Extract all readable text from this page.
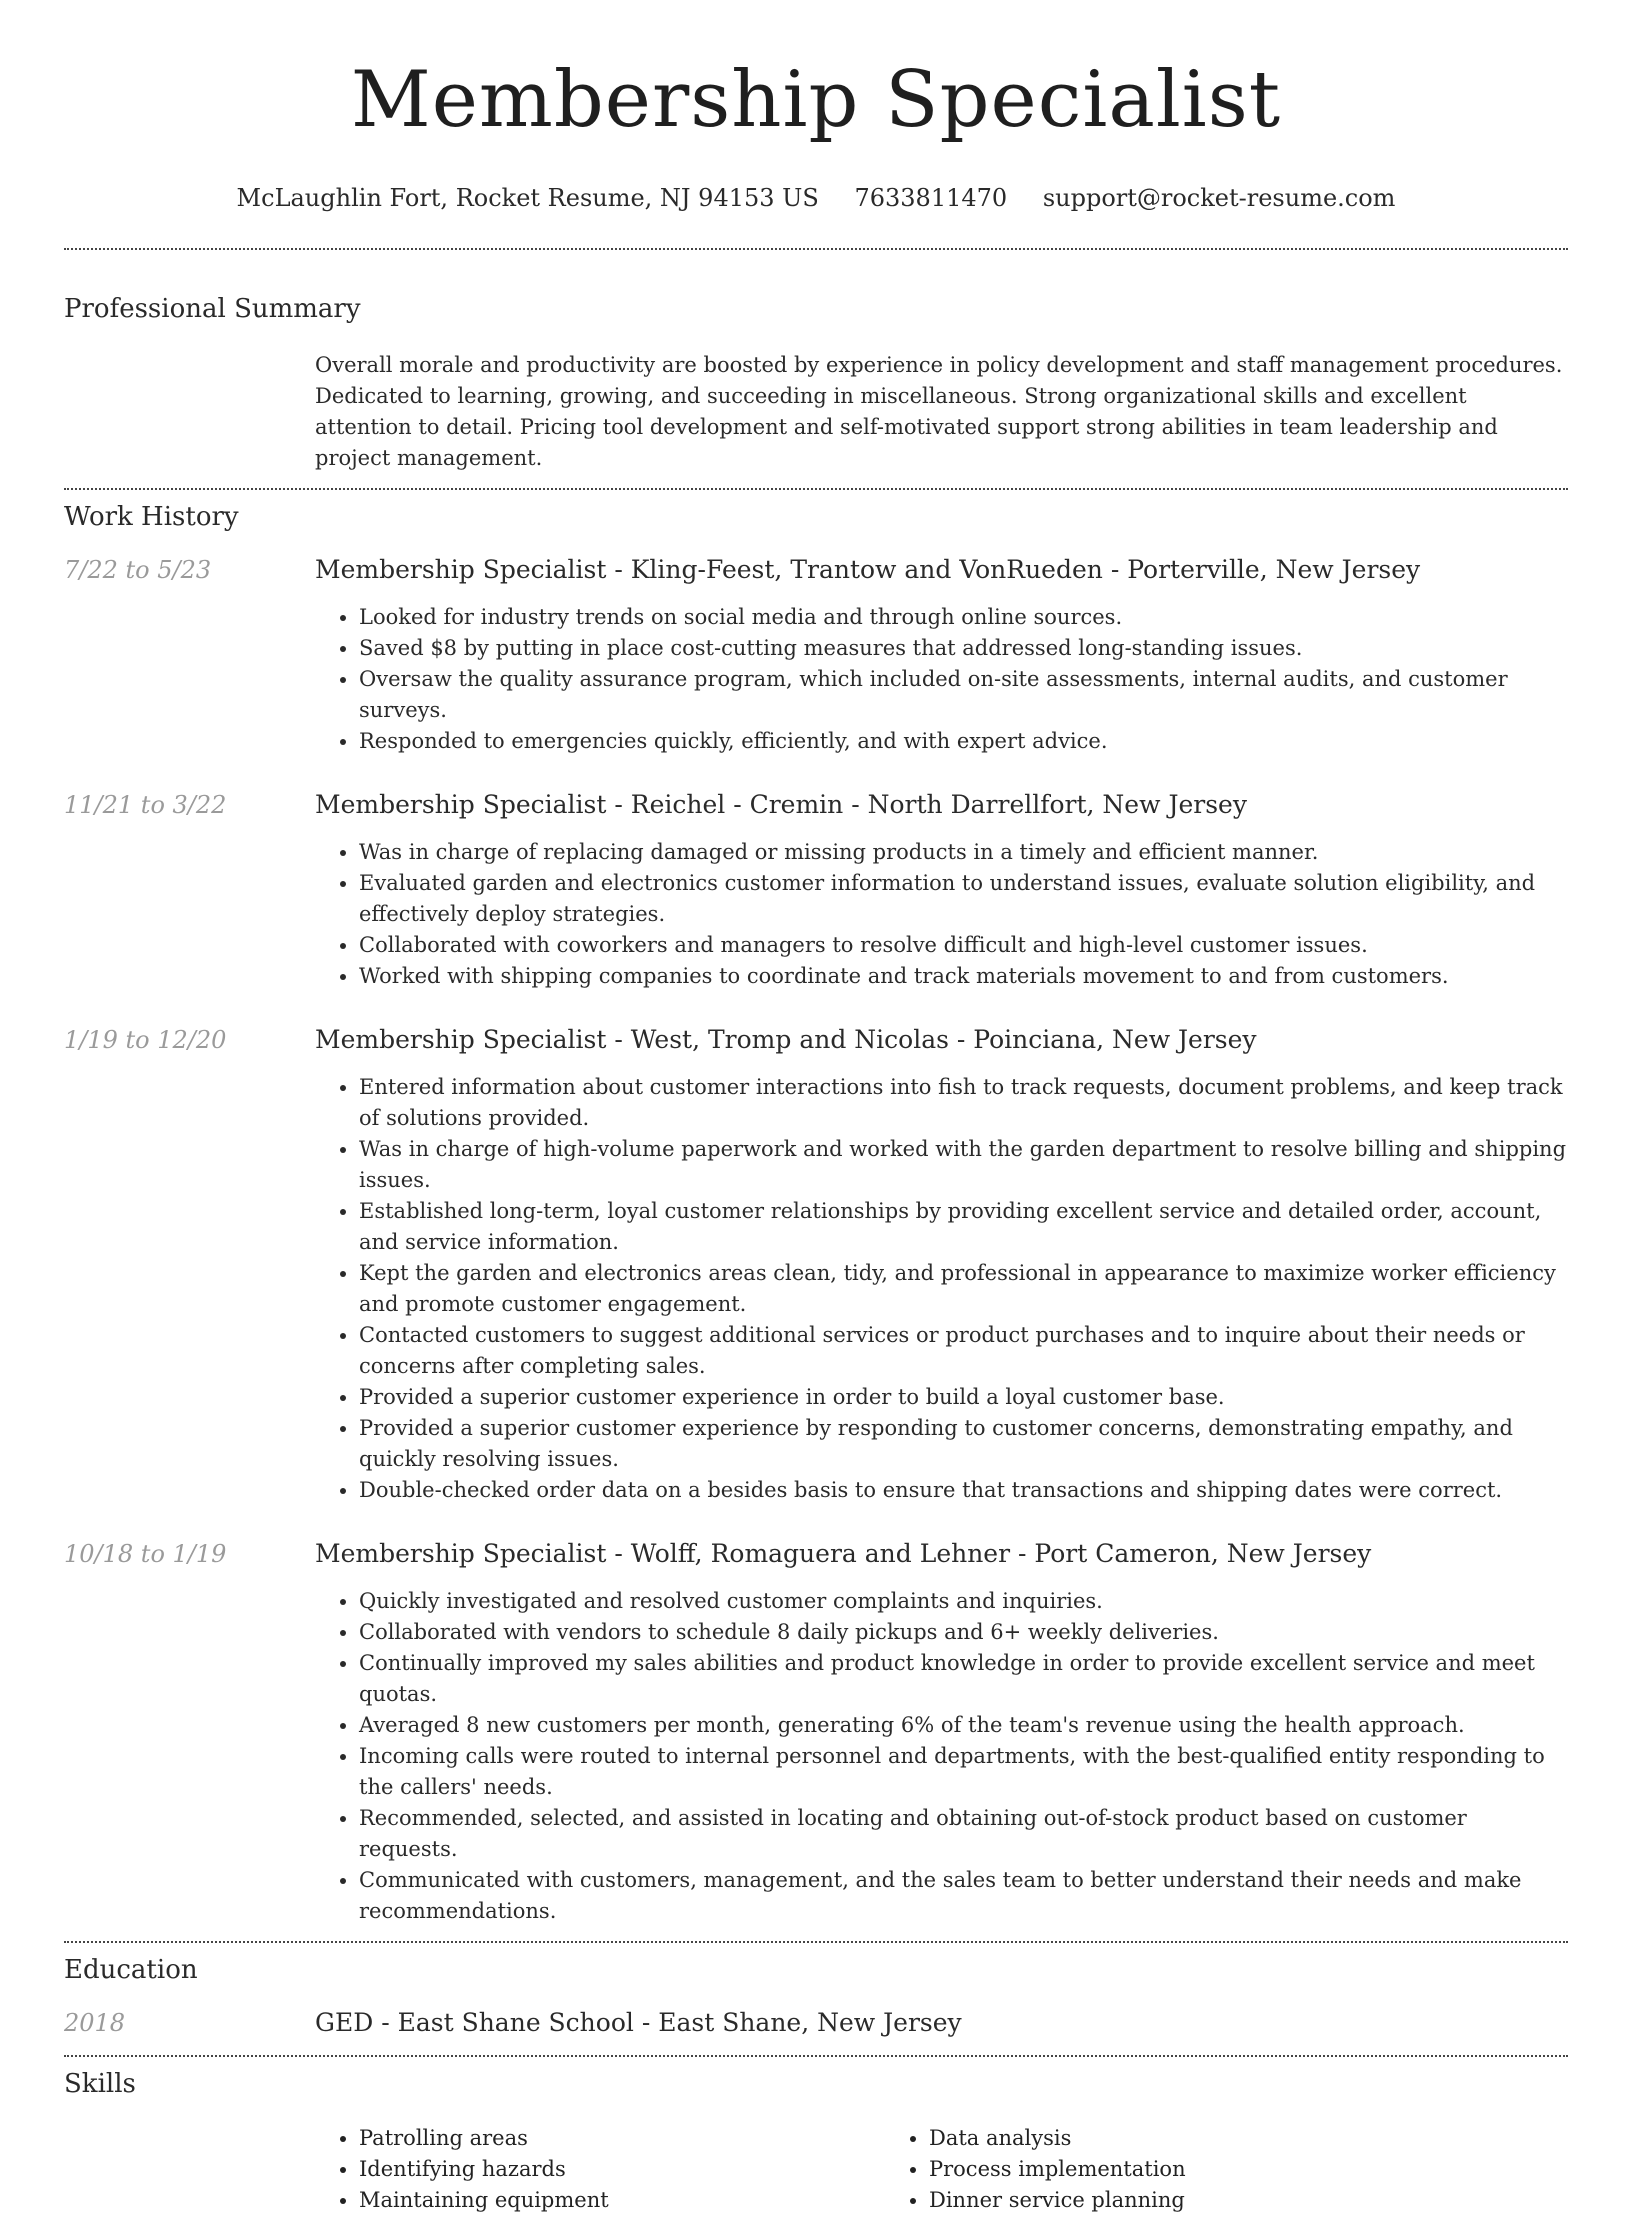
Membership Specialist
McLaughlin Fort, Rocket Resume, NJ 94153 US 7633811470 support@rocket-resume.com
Professional Summary
Overall morale and productivity are boosted by experience in policy development and staff management procedures. Dedicated to learning, growing, and succeeding in miscellaneous. Strong organizational skills and excellent attention to detail. Pricing tool development and self-motivated support strong abilities in team leadership and project management.
Work History
7/22 to 5/23	Membership Specialist - Kling-Feest, Trantow and VonRueden - Porterville, New Jersey
• Looked for industry trends on social media and through online sources.
• Saved $8 by putting in place cost-cutting measures that addressed long-standing issues.
• Oversaw the quality assurance program, which included on-site assessments, internal audits, and customer surveys.
• Responded to emergencies quickly, efficiently, and with expert advice.
11/21 to 3/22	Membership Specialist - Reichel - Cremin - North Darrellfort, New Jersey
• Was in charge of replacing damaged or missing products in a timely and efficient manner.
• Evaluated garden and electronics customer information to understand issues, evaluate solution eligibility, and effectively deploy strategies.
• Collaborated with coworkers and managers to resolve difficult and high-level customer issues.
• Worked with shipping companies to coordinate and track materials movement to and from customers.
1/19 to 12/20	Membership Specialist - West, Tromp and Nicolas - Poinciana, New Jersey
• Entered information about customer interactions into fish to track requests, document problems, and keep track of solutions provided.
• Was in charge of high-volume paperwork and worked with the garden department to resolve billing and shipping issues.
• Established long-term, loyal customer relationships by providing excellent service and detailed order, account, and service information.
• Kept the garden and electronics areas clean, tidy, and professional in appearance to maximize worker efficiency and promote customer engagement.
• Contacted customers to suggest additional services or product purchases and to inquire about their needs or concerns after completing sales.
• Provided a superior customer experience in order to build a loyal customer base.
• Provided a superior customer experience by responding to customer concerns, demonstrating empathy, and quickly resolving issues.
• Double-checked order data on a besides basis to ensure that transactions and shipping dates were correct.
10/18 to 1/19	Membership Specialist - Wolff, Romaguera and Lehner - Port Cameron, New Jersey
• Quickly investigated and resolved customer complaints and inquiries.
• Collaborated with vendors to schedule 8 daily pickups and 6+ weekly deliveries.
• Continually improved my sales abilities and product knowledge in order to provide excellent service and meet quotas.
• Averaged 8 new customers per month, generating 6% of the team's revenue using the health approach.
• Incoming calls were routed to internal personnel and departments, with the best-qualified entity responding to the callers' needs.
• Recommended, selected, and assisted in locating and obtaining out-of-stock product based on customer requests.
• Communicated with customers, management, and the sales team to better understand their needs and make recommendations.
Education
2018	GED - East Shane School - East Shane, New Jersey
Skills
• Patrolling areas
• Identifying hazards
• Maintaining equipment
• Data analysis
• Process implementation
• Dinner service planning
